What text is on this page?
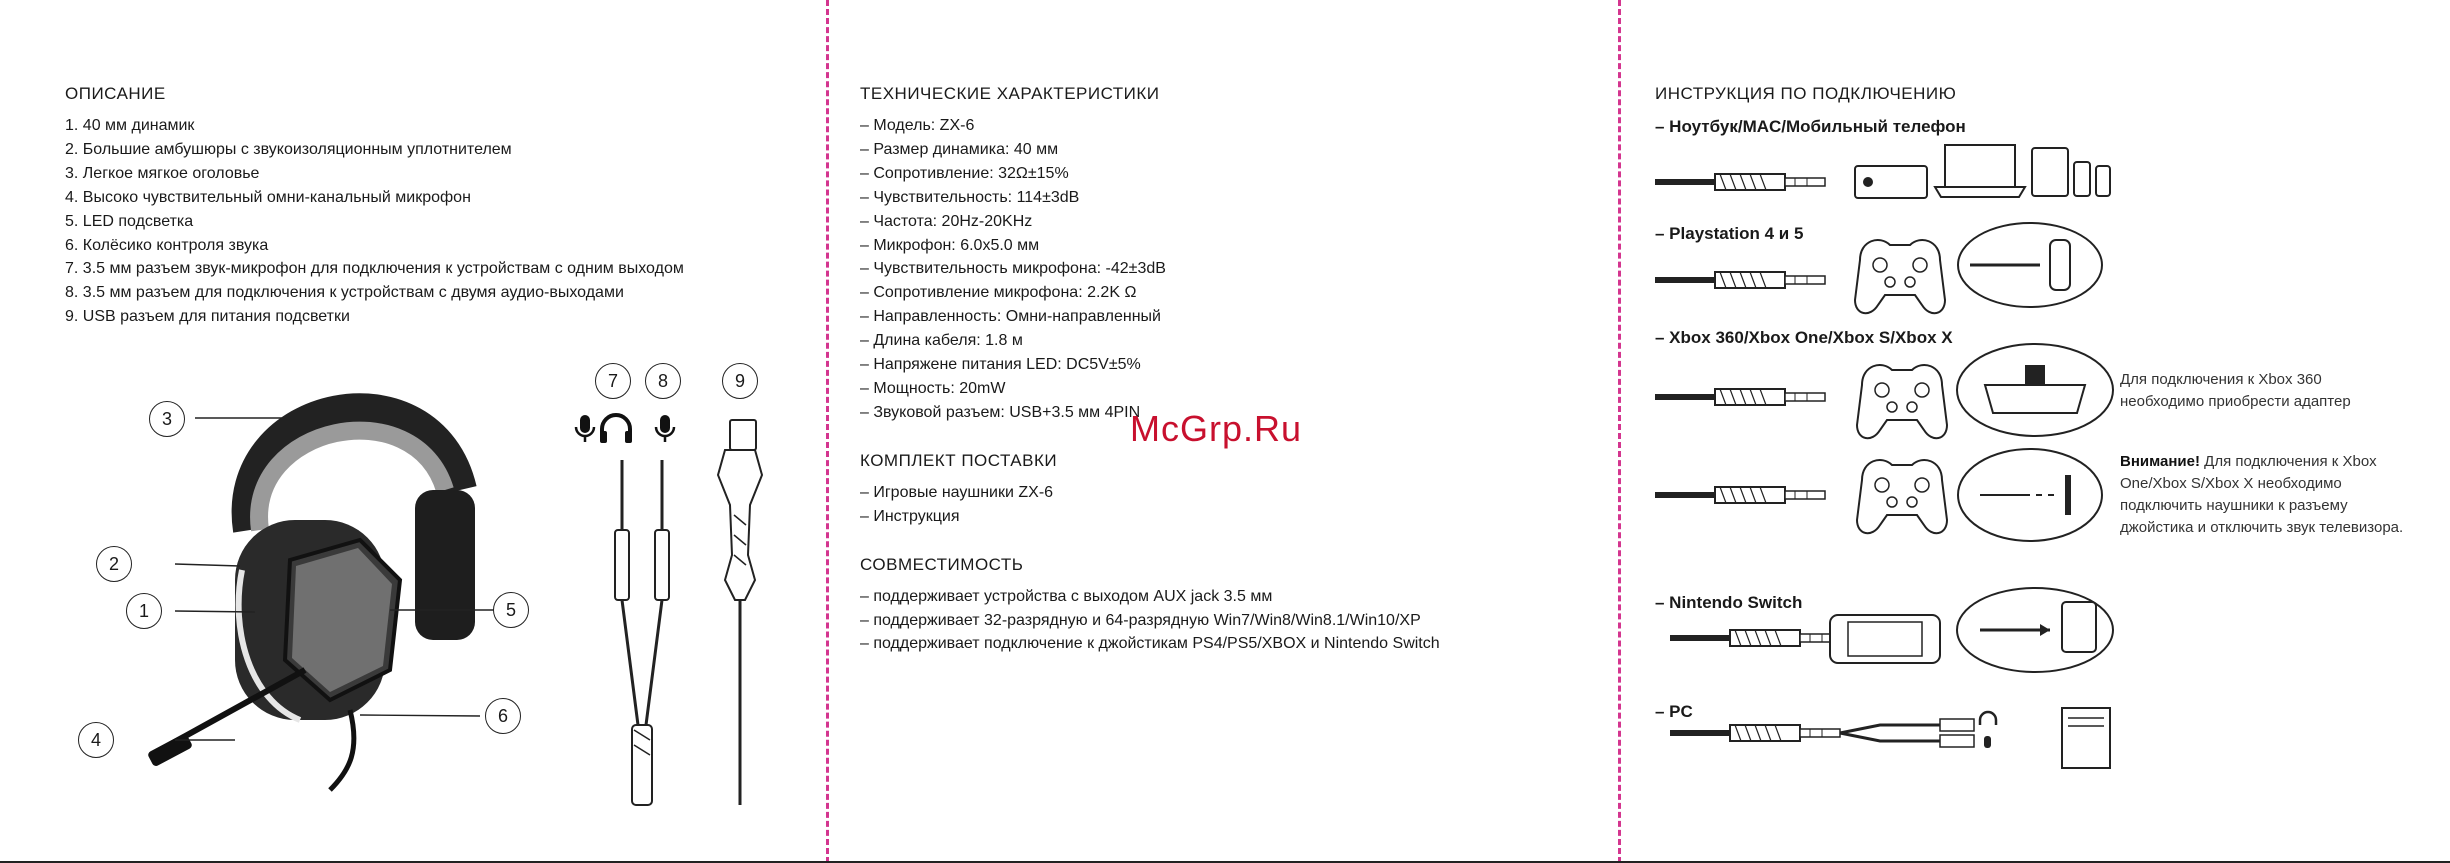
ОПИСАНИЕ
1. 40 мм динамик
2. Большие амбушюры с звукоизоляционным уплотнителем
3. Легкое мягкое оголовье
4. Высоко чувствительный омни-канальный микрофон
5. LED подсветка
6. Колёсико контроля звука
7. 3.5 мм разъем звук-микрофон для подключения к устройствам с одним выходом
8. 3.5 мм разъем для подключения к устройствам с двумя аудио-выходами
9. USB разъем для питания подсветки
3
2
1
4
5
6
7	8	9
ТЕХНИЧЕСКИЕ ХАРАКТЕРИСТИКИ
– Модель: ZX-6
– Размер динамика: 40 мм
– Сопротивление: 32Ω±15%
– Чувствительность: 114±3dB
– Частота: 20Hz-20KHz
– Микрофон: 6.0x5.0 мм
– Чувствительность микрофона: -42±3dB
– Сопротивление микрофона: 2.2K Ω
– Направленность: Омни-направленный
– Длина кабеля: 1.8 м
– Напряжене питания LED: DC5V±5%
– Мощность: 20mW
– Звуковой разъем: USB+3.5 мм 4PIN
КОМПЛЕКТ ПОСТАВКИ
– Игровые наушники ZX-6
– Инструкция
СОВМЕСТИМОСТЬ
– поддерживает устройства с выходом AUX jack 3.5 мм
– поддерживает 32-разрядную и 64-разрядную Win7/Win8/Win8.1/Win10/XP
– поддерживает подключение к джойстикам PS4/PS5/XBOX и Nintendo Switch
McGrp.Ru
ИНСТРУКЦИЯ ПО ПОДКЛЮЧЕНИЮ
– Ноутбук/MAC/Мобильный телефон
– Playstation 4 и 5
– Xbox 360/Xbox One/Xbox S/Xbox X
– Nintendo Switch
– PC
Для подключения к Xbox 360 необходимо приобрести адаптер
Внимание! Для подключения к Xbox One/Xbox S/Xbox X необходимо подключить наушники к разъему джойстика и отключить звук телевизора.
